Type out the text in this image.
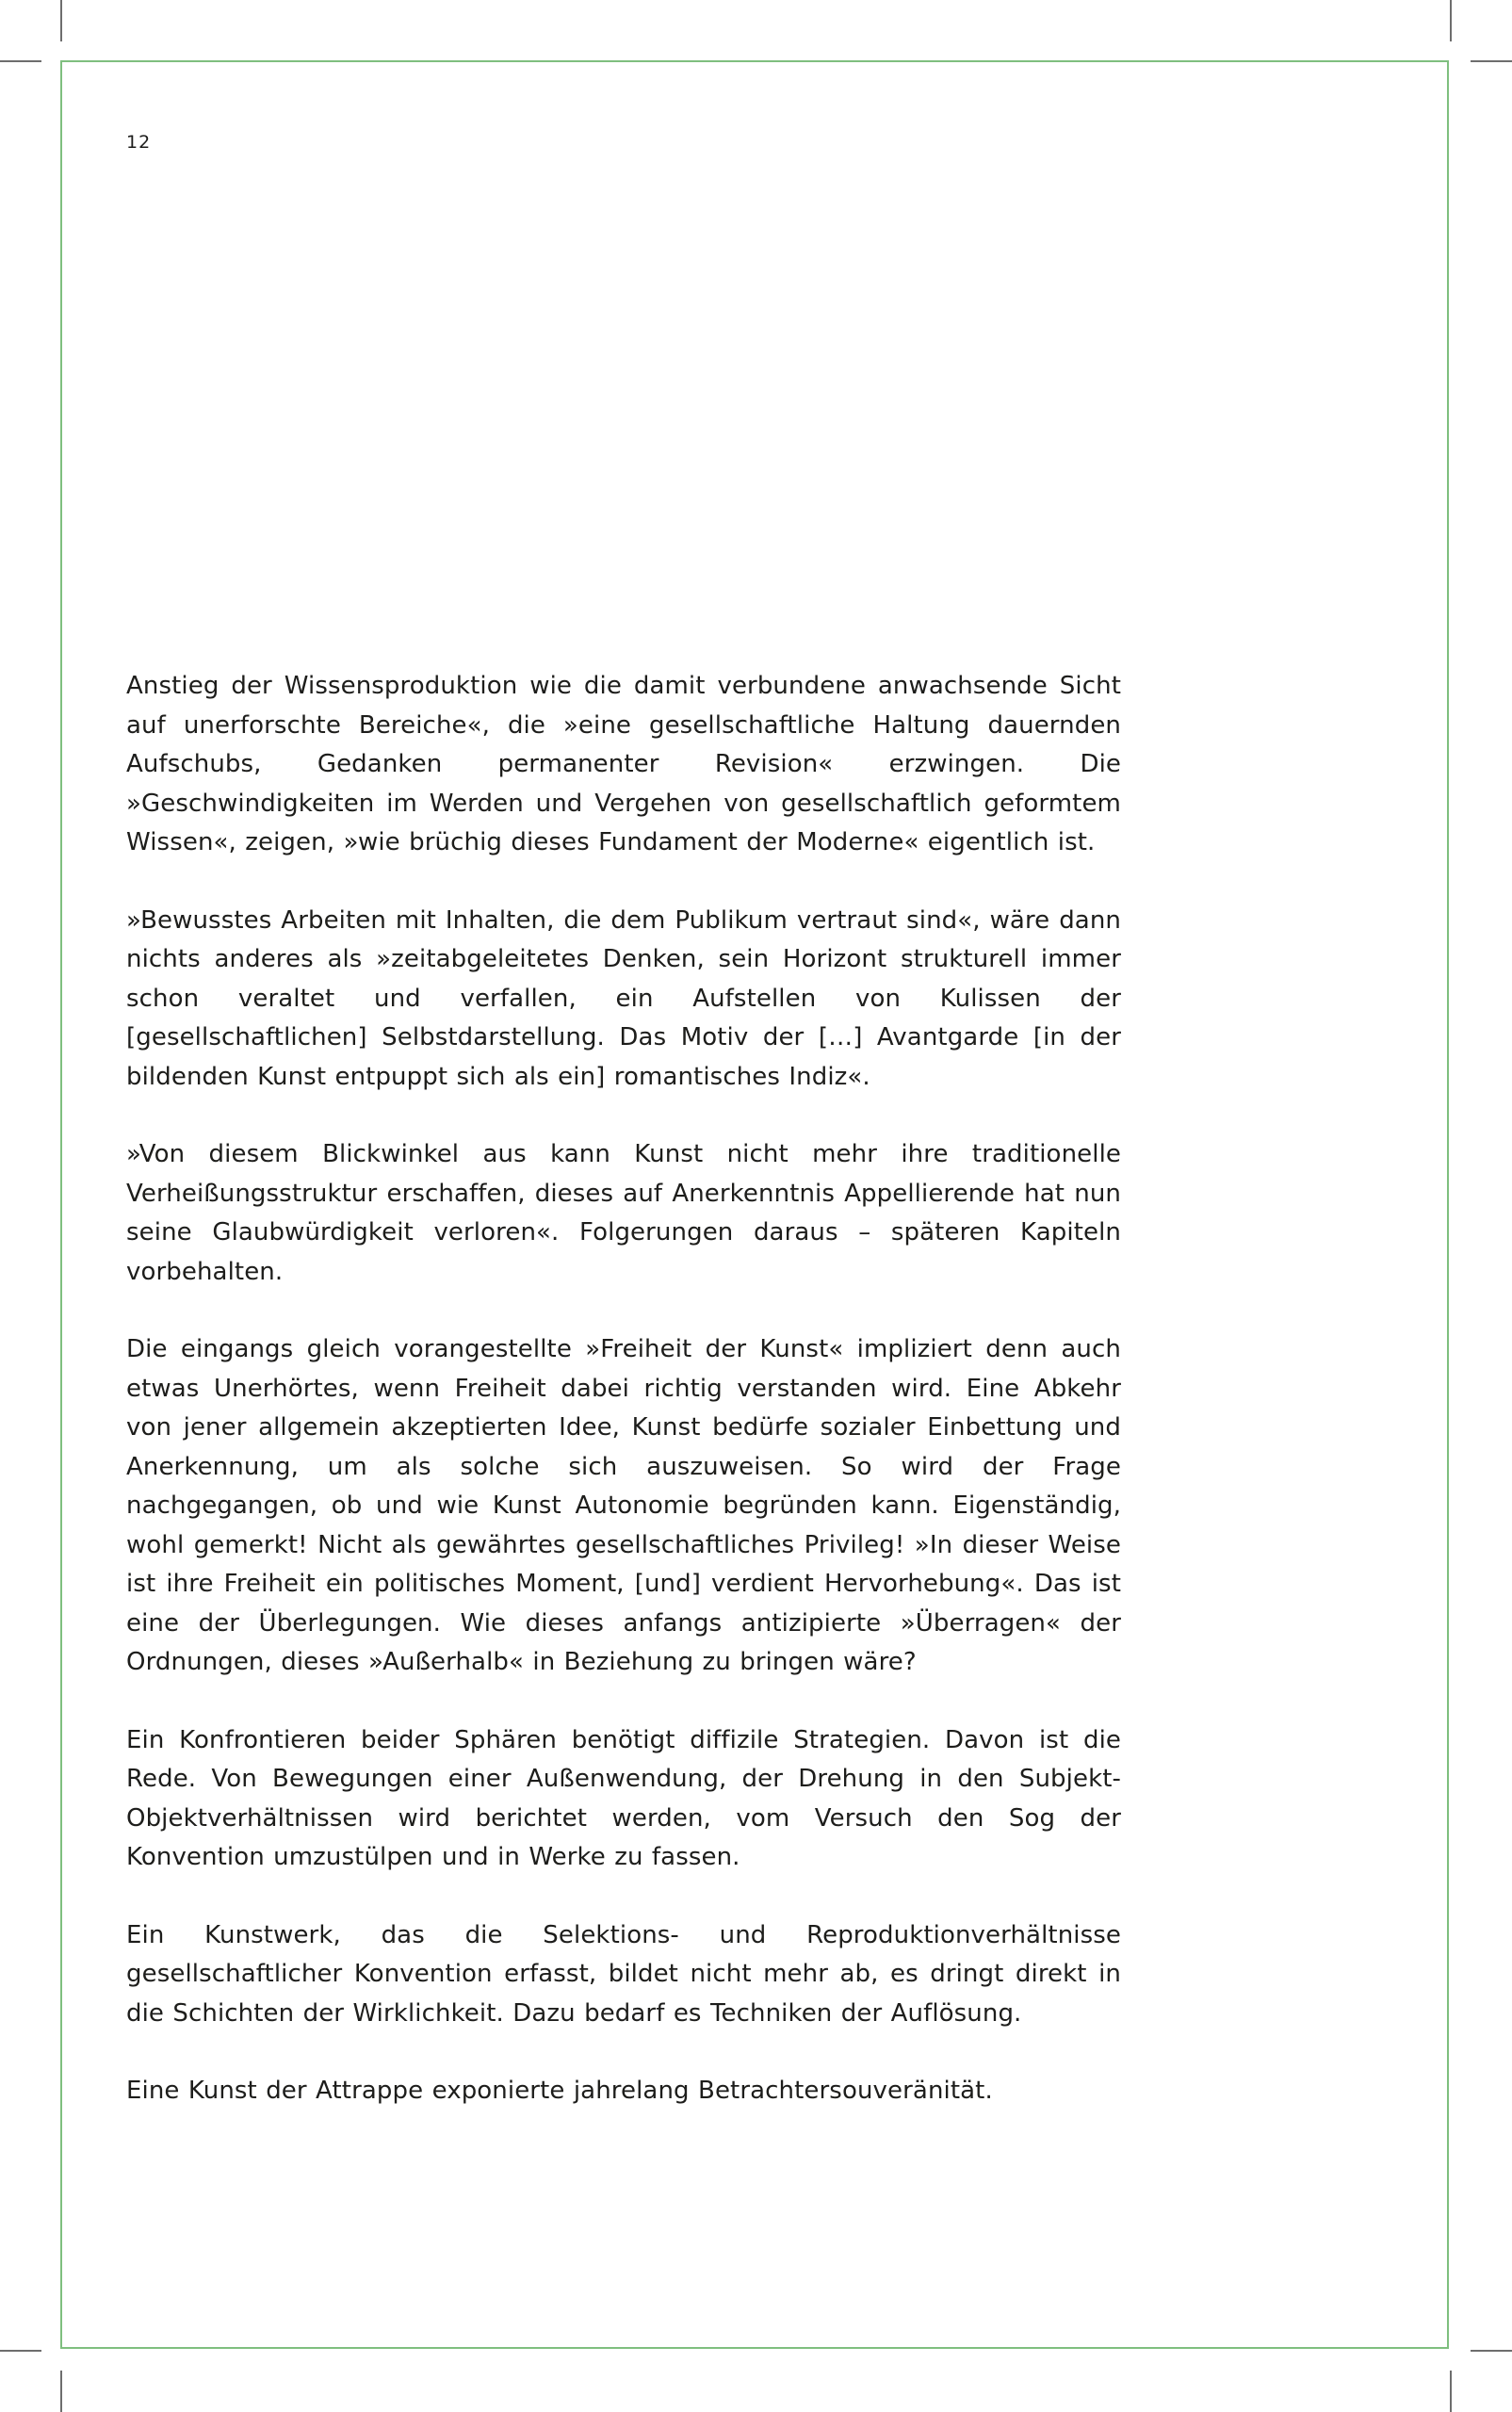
12

Anstieg der Wissensproduktion wie die damit verbundene anwachsende Sicht auf unerforschte Bereiche«, die »eine gesellschaftliche Haltung dauernden Aufschubs, Gedanken permanenter Revision« erzwingen. Die »Geschwindigkeiten im Werden und Vergehen von gesellschaftlich geformtem Wissen«, zeigen, »wie brüchig dieses Fundament der Moderne« eigentlich ist.

»Bewusstes Arbeiten mit Inhalten, die dem Publikum vertraut sind«, wäre dann nichts anderes als »zeitabgeleitetes Denken, sein Horizont strukturell immer schon veraltet und verfallen, ein Aufstellen von Kulissen der [gesellschaftlichen] Selbstdarstellung. Das Motiv der […] Avantgarde [in der bildenden Kunst entpuppt sich als ein] romantisches Indiz«.

»Von diesem Blickwinkel aus kann Kunst nicht mehr ihre traditionelle Verheißungsstruktur erschaffen, dieses auf Anerkenntnis Appellierende hat nun seine Glaubwürdigkeit verloren«. Folgerungen daraus – späteren Kapiteln vorbehalten.

Die eingangs gleich vorangestellte »Freiheit der Kunst« impliziert denn auch etwas Unerhörtes, wenn Freiheit dabei richtig verstanden wird. Eine Abkehr von jener allgemein akzeptierten Idee, Kunst bedürfe sozialer Einbettung und Anerkennung, um als solche sich auszuweisen. So wird der Frage nachgegangen, ob und wie Kunst Autonomie begründen kann. Eigenständig, wohl gemerkt! Nicht als gewährtes gesellschaftliches Privileg! »In dieser Weise ist ihre Freiheit ein politisches Moment, [und] verdient Hervorhebung«. Das ist eine der Überlegungen. Wie dieses anfangs antizipierte »Überragen« der Ordnungen, dieses »Außerhalb« in Beziehung zu bringen wäre?

Ein Konfrontieren beider Sphären benötigt diffizile Strategien. Davon ist die Rede. Von Bewegungen einer Außenwendung, der Drehung in den Subjekt- Objektverhältnissen wird berichtet werden, vom Versuch den Sog der Konvention umzustülpen und in Werke zu fassen.

Ein Kunstwerk, das die Selektions- und Reproduktionverhältnisse gesellschaftlicher Konvention erfasst, bildet nicht mehr ab, es dringt direkt in die Schichten der Wirklichkeit. Dazu bedarf es Techniken der Auflösung.

Eine Kunst der Attrappe exponierte jahrelang Betrachtersouveränität.
